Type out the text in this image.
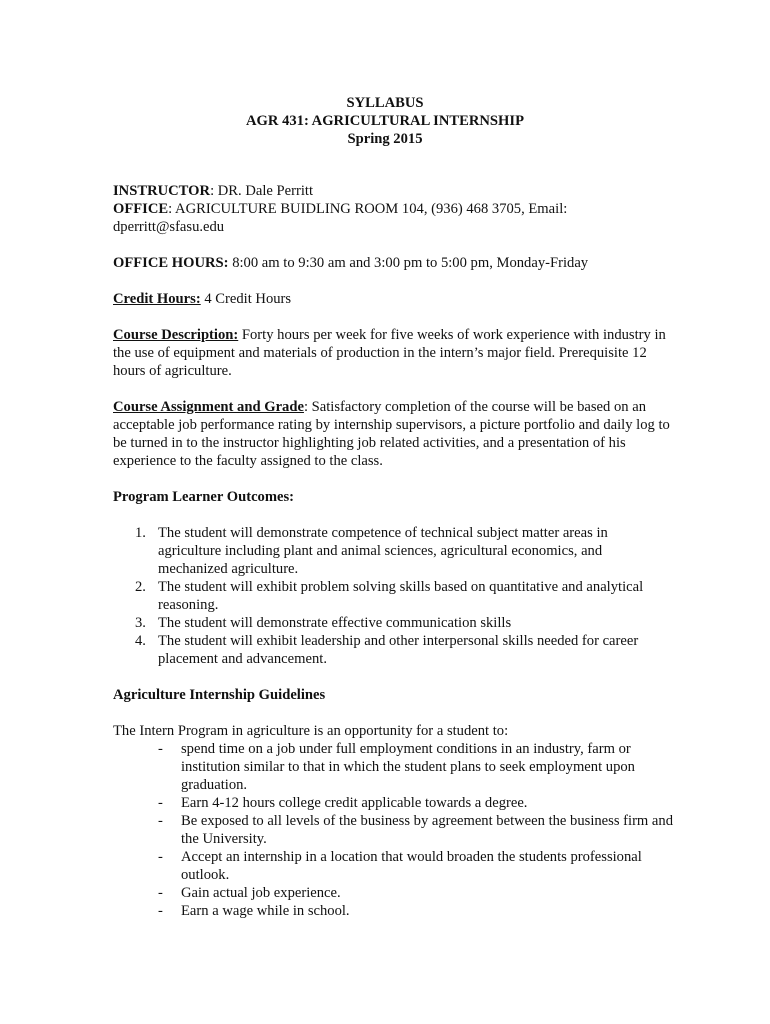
SYLLABUS
AGR 431: AGRICULTURAL INTERNSHIP
Spring 2015

INSTRUCTOR: DR. Dale Perritt

OFFICE: AGRICULTURE BUIDLING ROOM 104, (936) 468 3705, Email: dperritt@sfasu.edu

OFFICE HOURS: 8:00 am to 9:30 am and 3:00 pm to 5:00 pm, Monday-Friday

Credit Hours: 4 Credit Hours

Course Description: Forty hours per week for five weeks of work experience with industry in the use of equipment and materials of production in the intern’s major field. Prerequisite 12 hours of agriculture.

Course Assignment and Grade: Satisfactory completion of the course will be based on an acceptable job performance rating by internship supervisors, a picture portfolio and daily log to be turned in to the instructor highlighting job related activities, and a presentation of his experience to the faculty assigned to the class.

Program Learner Outcomes:

1. The student will demonstrate competence of technical subject matter areas in agriculture including plant and animal sciences, agricultural economics, and mechanized agriculture.
2. The student will exhibit problem solving skills based on quantitative and analytical reasoning.
3. The student will demonstrate effective communication skills
4. The student will exhibit leadership and other interpersonal skills needed for career placement and advancement.

Agriculture Internship Guidelines

The Intern Program in agriculture is an opportunity for a student to:

- spend time on a job under full employment conditions in an industry, farm or institution similar to that in which the student plans to seek employment upon graduation.
- Earn 4-12 hours college credit applicable towards a degree.
- Be exposed to all levels of the business by agreement between the business firm and the University.
- Accept an internship in a location that would broaden the students professional outlook.
- Gain actual job experience.
- Earn a wage while in school.
